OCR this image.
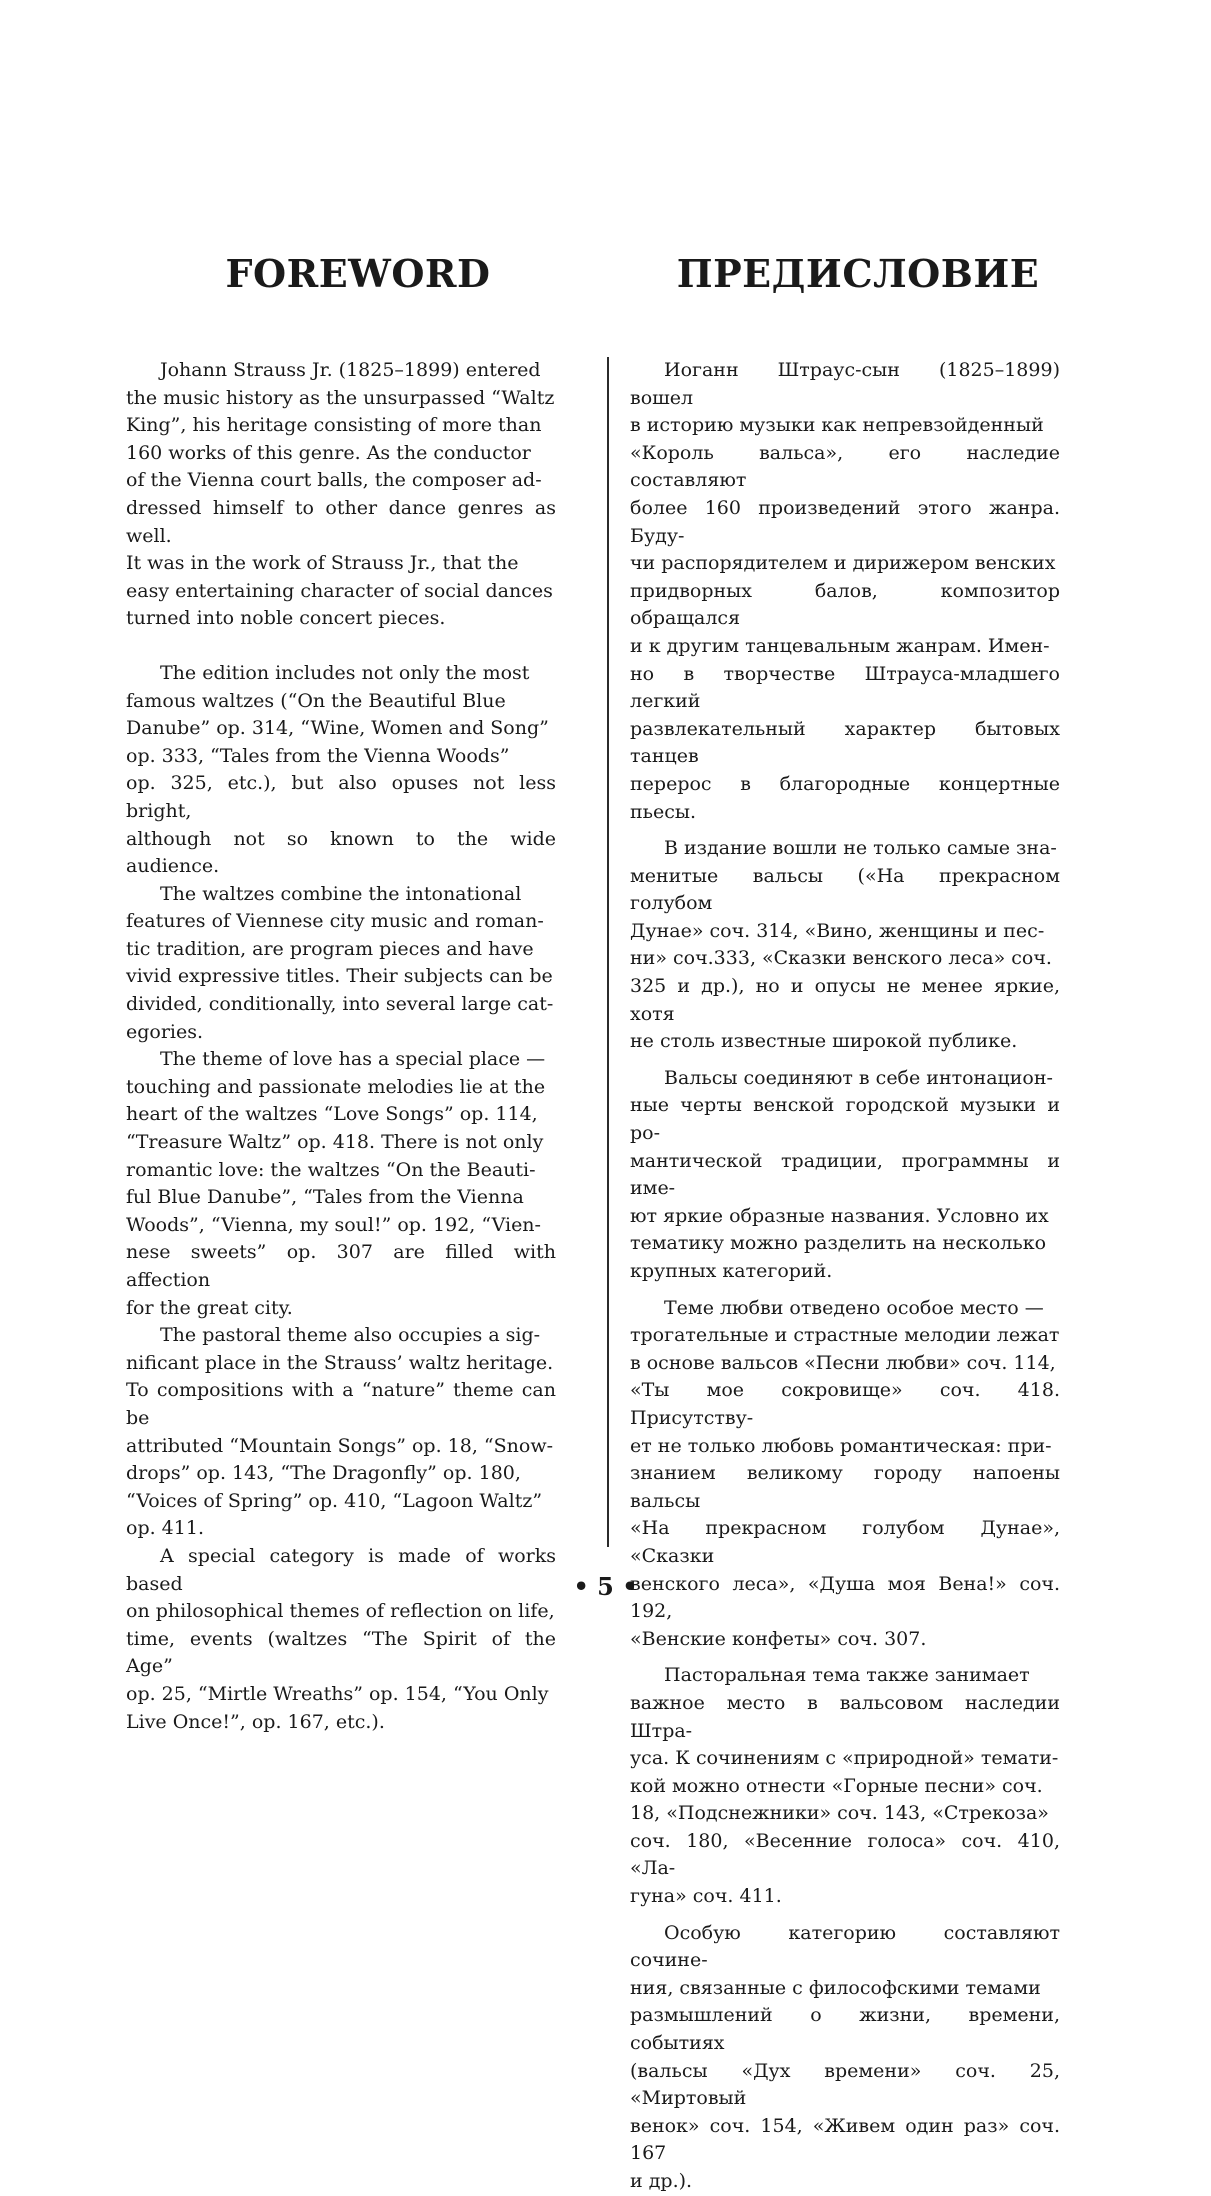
FOREWORD	ПРЕДИСЛОВИЕ

Johann Strauss Jr. (1825–1899) entered
the music history as the unsurpassed “Waltz
King”, his heritage consisting of more than
160 works of this genre. As the conductor
of the Vienna court balls, the composer ad-
dressed himself to other dance genres as well.
It was in the work of Strauss Jr., that the
easy entertaining character of social dances
turned into noble concert pieces.

The edition includes not only the most
famous waltzes (“On the Beautiful Blue
Danube” op. 314, “Wine, Women and Song”
op. 333, “Tales from the Vienna Woods”
op. 325, etc.), but also opuses not less bright,
although not so known to the wide audience.

The waltzes combine the intonational
features of Viennese city music and roman-
tic tradition, are program pieces and have
vivid expressive titles. Their subjects can be
divided, conditionally, into several large cat-
egories.

The theme of love has a special place —
touching and passionate melodies lie at the
heart of the waltzes “Love Songs” op. 114,
“Treasure Waltz” op. 418. There is not only
romantic love: the waltzes “On the Beauti-
ful Blue Danube”, “Tales from the Vienna
Woods”, “Vienna, my soul!” op. 192, “Vien-
nese sweets” op. 307 are filled with affection
for the great city.

The pastoral theme also occupies a sig-
nificant place in the Strauss’ waltz heritage.
To compositions with a “nature” theme can be
attributed “Mountain Songs” op. 18, “Snow-
drops” op. 143, “The Dragonfly” op. 180,
“Voices of Spring” op. 410, “Lagoon Waltz”
op. 411.

A special category is made of works based
on philosophical themes of reflection on life,
time, events (waltzes “The Spirit of the Age”
op. 25, “Mirtle Wreaths” op. 154, “You Only
Live Once!”, op. 167, etc.).

Иоганн Штраус-сын (1825–1899) вошел
в историю музыки как непревзойденный
«Король вальса», его наследие составляют
более 160 произведений этого жанра. Буду-
чи распорядителем и дирижером венских
придворных балов, композитор обращался
и к другим танцевальным жанрам. Имен-
но в творчестве Штрауса-младшего легкий
развлекательный характер бытовых танцев
перерос в благородные концертные пьесы.

В издание вошли не только самые зна-
менитые вальсы («На прекрасном голубом
Дунае» соч. 314, «Вино, женщины и пес-
ни» соч.333, «Сказки венского леса» соч.
325 и др.), но и опусы не менее яркие, хотя
не столь известные широкой публике.

Вальсы соединяют в себе интонацион-
ные черты венской городской музыки и ро-
мантической традиции, программны и име-
ют яркие образные названия. Условно их
тематику можно разделить на несколько
крупных категорий.

Теме любви отведено особое место —
трогательные и страстные мелодии лежат
в основе вальсов «Песни любви» соч. 114,
«Ты мое сокровище» соч. 418. Присутству-
ет не только любовь романтическая: при-
знанием великому городу напоены вальсы
«На прекрасном голубом Дунае», «Сказки
венского леса», «Душа моя Вена!» соч. 192,
«Венские конфеты» соч. 307.

Пасторальная тема также занимает
важное место в вальсовом наследии Штра-
уса. К сочинениям с «природной» темати-
кой можно отнести «Горные песни» соч.
18, «Подснежники» соч. 143, «Стрекоза»
соч. 180, «Весенние голоса» соч. 410, «Ла-
гуна» соч. 411.

Особую категорию составляют сочине-
ния, связанные с философскими темами
размышлений о жизни, времени, событиях
(вальсы «Дух времени» соч. 25, «Миртовый
венок» соч. 154, «Живем один раз» соч. 167
и др.).

• 5 •
